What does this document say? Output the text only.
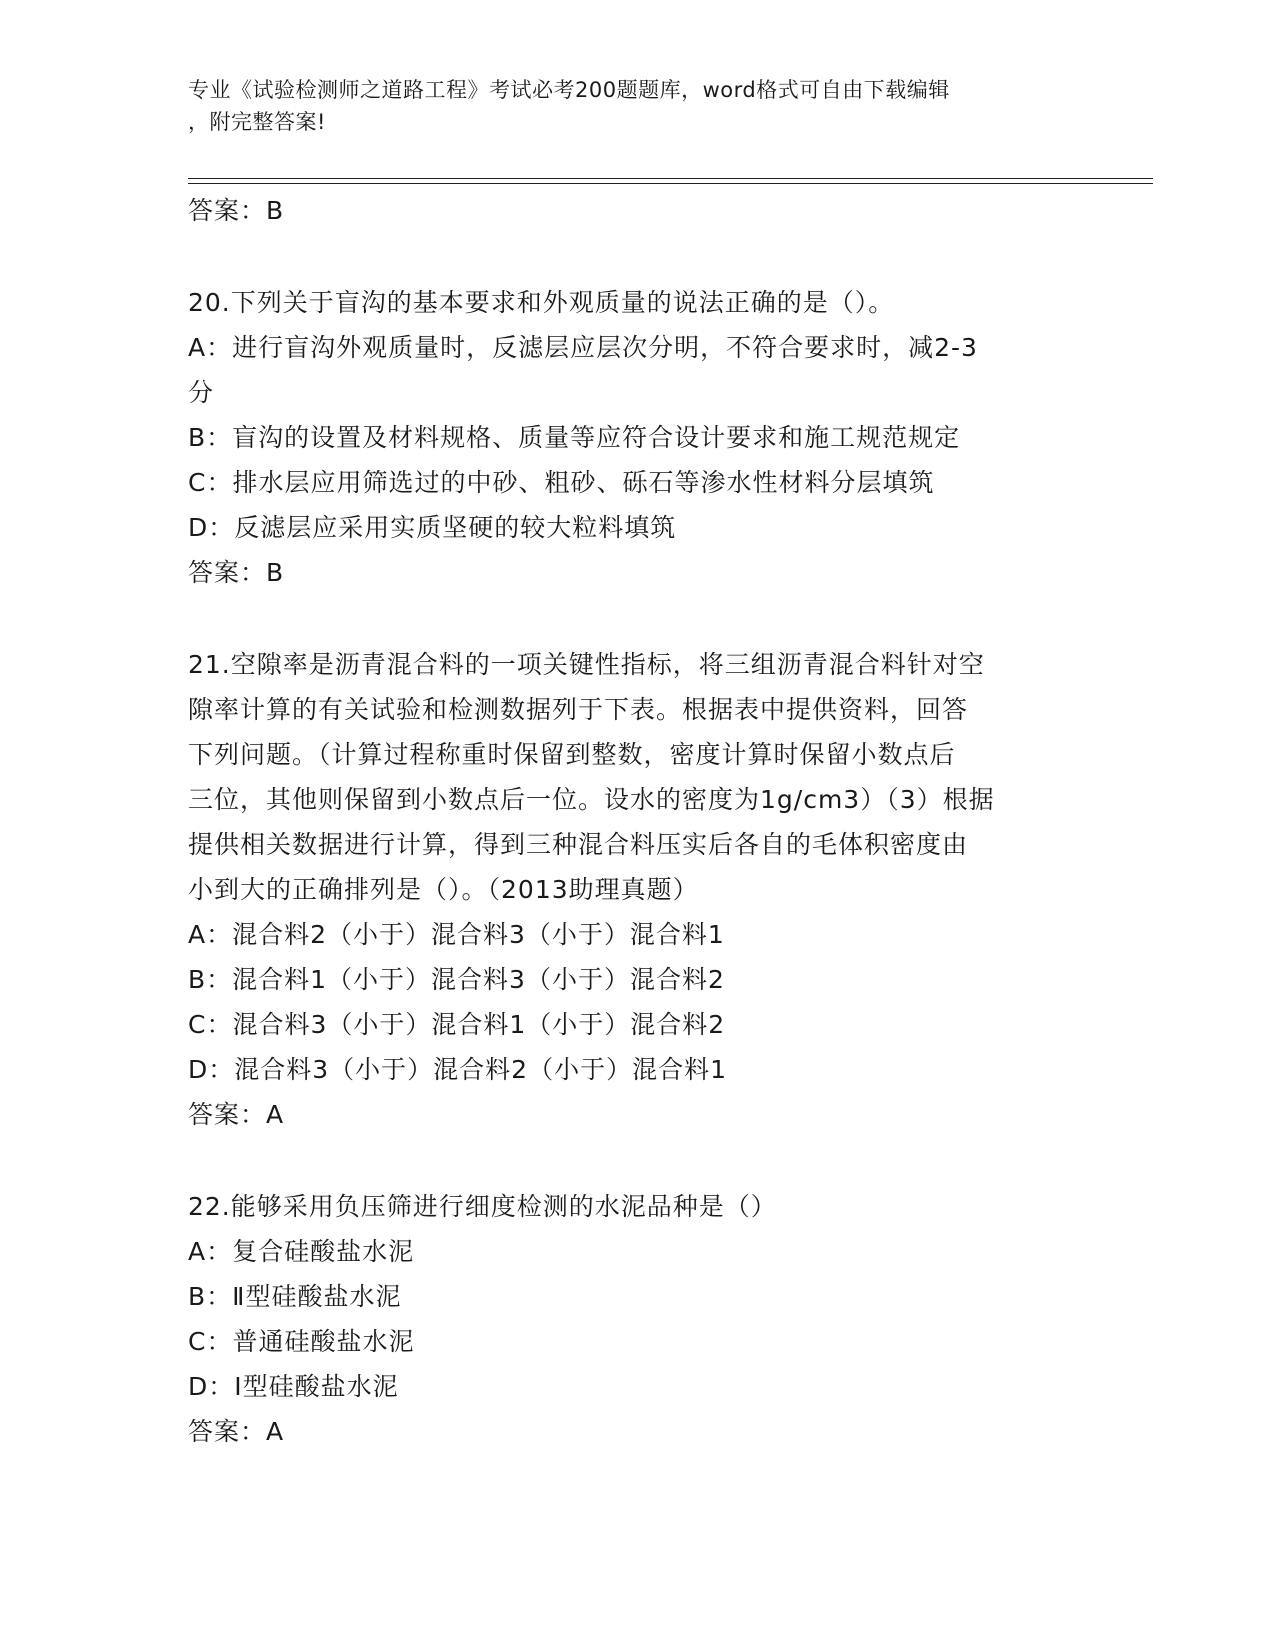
专业《试验检测师之道路工程》考试必考200题题库，word格式可自由下载编辑
，附完整答案!
答案：B
20.下列关于盲沟的基本要求和外观质量的说法正确的是（）。
A：进行盲沟外观质量时，反滤层应层次分明，不符合要求时，减2-3
分
B：盲沟的设置及材料规格、质量等应符合设计要求和施工规范规定
C：排水层应用筛选过的中砂、粗砂、砾石等渗水性材料分层填筑
D：反滤层应采用实质坚硬的较大粒料填筑
答案：B
21.空隙率是沥青混合料的一项关键性指标，将三组沥青混合料针对空
隙率计算的有关试验和检测数据列于下表。根据表中提供资料，回答
下列问题。（计算过程称重时保留到整数，密度计算时保留小数点后
三位，其他则保留到小数点后一位。设水的密度为1g/cm3）（3）根据
提供相关数据进行计算，得到三种混合料压实后各自的毛体积密度由
小到大的正确排列是（）。（2013助理真题）
A：混合料2（小于）混合料3（小于）混合料1
B：混合料1（小于）混合料3（小于）混合料2
C：混合料3（小于）混合料1（小于）混合料2
D：混合料3（小于）混合料2（小于）混合料1
答案：A
22.能够采用负压筛进行细度检测的水泥品种是（）
A：复合硅酸盐水泥
B：Ⅱ型硅酸盐水泥
C：普通硅酸盐水泥
D：Ⅰ型硅酸盐水泥
答案：A
